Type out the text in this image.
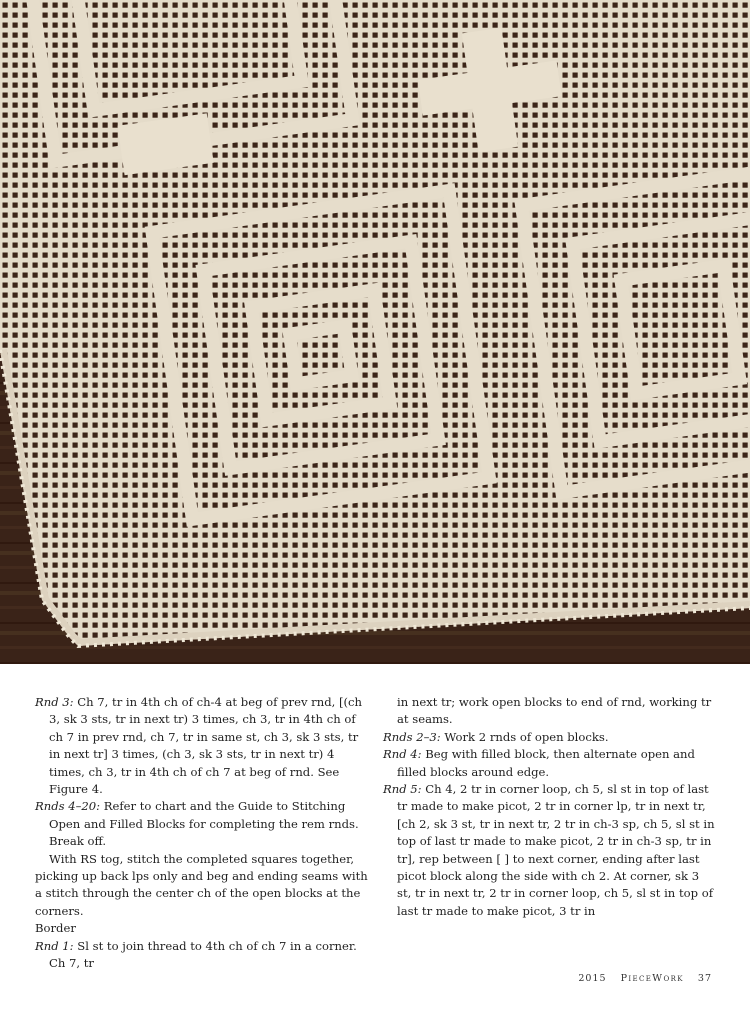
Rnd 3: Ch 7, tr in 4th ch of ch-4 at beg of prev rnd, [(ch 3, sk 3 sts, tr in next tr) 3 times, ch 3, tr in 4th ch of ch 7 in prev rnd, ch 7, tr in same st, ch 3, sk 3 sts, tr in next tr] 3 times, (ch 3, sk 3 sts, tr in next tr) 4 times, ch 3, tr in 4th ch of ch 7 at beg of rnd. See Figure 4.

Rnds 4–20: Refer to chart and the Guide to Stitching Open and Filled Blocks for completing the rem rnds. Break off.

With RS tog, stitch the completed squares together, picking up back lps only and beg and ending seams with a stitch through the center ch of the open blocks at the corners.

Border

Rnd 1: Sl st to join thread to 4th ch of ch 7 in a corner. Ch 7, tr

in next tr; work open blocks to end of rnd, working tr at seams.

Rnds 2–3: Work 2 rnds of open blocks.

Rnd 4: Beg with filled block, then alternate open and filled blocks around edge.

Rnd 5: Ch 4, 2 tr in corner loop, ch 5, sl st in top of last tr made to make picot, 2 tr in corner lp, tr in next tr, [ch 2, sk 3 st, tr in next tr, 2 tr in ch-3 sp, ch 5, sl st in top of last tr made to make picot, 2 tr in ch-3 sp, tr in tr], rep between [ ] to next corner, ending after last picot block along the side with ch 2. At corner, sk 3 st, tr in next tr, 2 tr in corner loop, ch 5, sl st in top of last tr made to make picot, 3 tr in

2015 PieceWork 37
